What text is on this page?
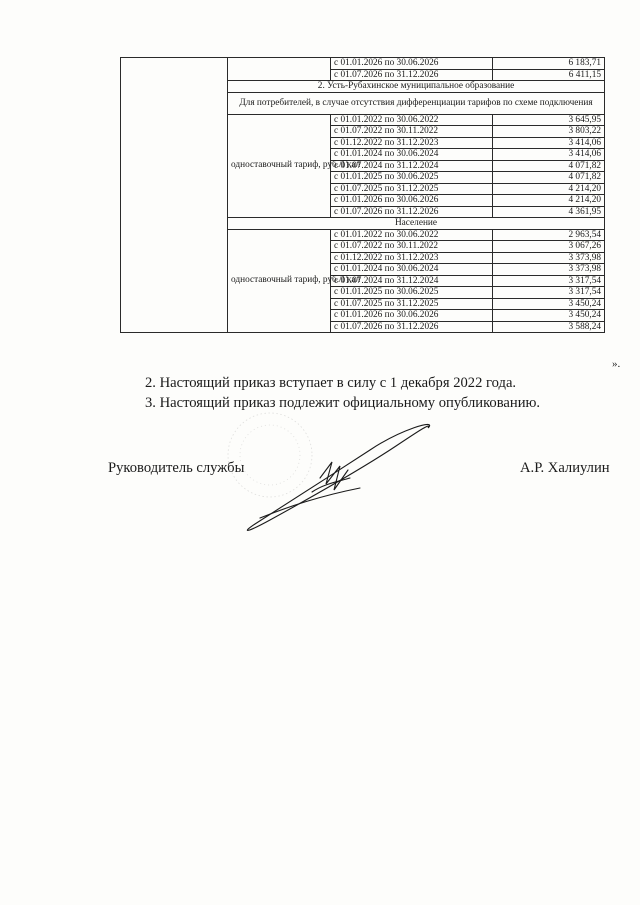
		с 01.01.2026 по 30.06.2026	6 183,71
		с 01.07.2026 по 31.12.2026	6 411,15
	2. Усть-Рубахинское муниципальное образование		
	Для потребителей, в случае отсутствия дифференциации тарифов по схеме подключения		
	одноставочный тариф, руб./Гкал	с 01.01.2022 по 30.06.2022	3 645,95
		с 01.07.2022 по 30.11.2022	3 803,22
		с 01.12.2022 по 31.12.2023	3 414,06
		с 01.01.2024 по 30.06.2024	3 414,06
		с 01.07.2024 по 31.12.2024	4 071,82
		с 01.01.2025 по 30.06.2025	4 071,82
		с 01.07.2025 по 31.12.2025	4 214,20
		с 01.01.2026 по 30.06.2026	4 214,20
		с 01.07.2026 по 31.12.2026	4 361,95
	Население		
	одноставочный тариф, руб./Гкал	с 01.01.2022 по 30.06.2022	2 963,54
		с 01.07.2022 по 30.11.2022	3 067,26
		с 01.12.2022 по 31.12.2023	3 373,98
		с 01.01.2024 по 30.06.2024	3 373,98
		с 01.07.2024 по 31.12.2024	3 317,54
		с 01.01.2025 по 30.06.2025	3 317,54
		с 01.07.2025 по 31.12.2025	3 450,24
		с 01.01.2026 по 30.06.2026	3 450,24
		с 01.07.2026 по 31.12.2026	3 588,24
».
2. Настоящий приказ вступает в силу с 1 декабря 2022 года.
3. Настоящий приказ подлежит официальному опубликованию.
Руководитель службы	А.Р. Халиулин
